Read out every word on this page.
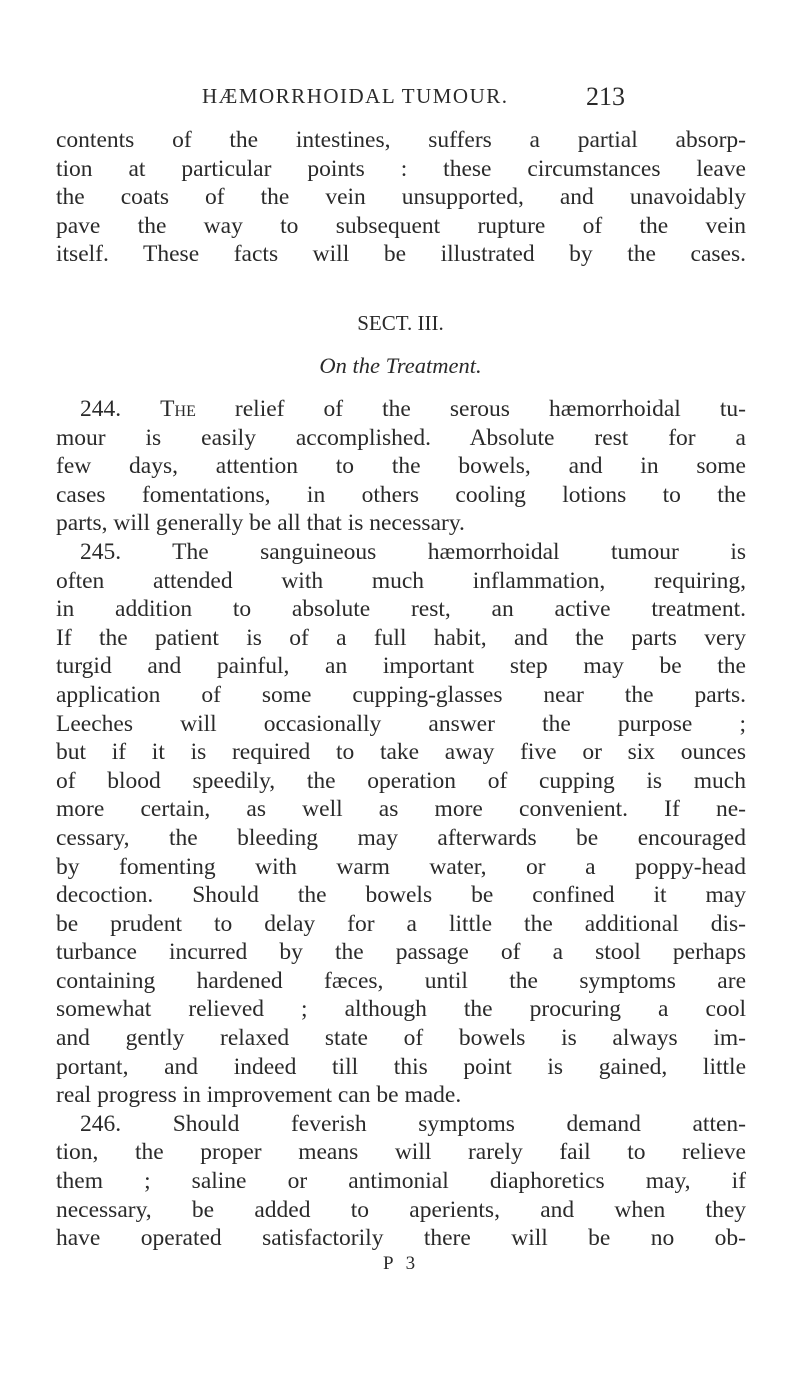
HÆMORRHOIDAL TUMOUR.	213
contents of the intestines, suffers a partial absorp-
tion at particular points : these circumstances leave
the coats of the vein unsupported, and unavoidably
pave the way to subsequent rupture of the vein
itself. These facts will be illustrated by the cases.
SECT. III.
On the Treatment.
244. The relief of the serous hæmorrhoidal tu-
mour is easily accomplished. Absolute rest for a
few days, attention to the bowels, and in some
cases fomentations, in others cooling lotions to the
parts, will generally be all that is necessary.
245. The sanguineous hæmorrhoidal tumour is
often attended with much inflammation, requiring,
in addition to absolute rest, an active treatment.
If the patient is of a full habit, and the parts very
turgid and painful, an important step may be the
application of some cupping-glasses near the parts.
Leeches will occasionally answer the purpose ;
but if it is required to take away five or six ounces
of blood speedily, the operation of cupping is much
more certain, as well as more convenient. If ne-
cessary, the bleeding may afterwards be encouraged
by fomenting with warm water, or a poppy-head
decoction. Should the bowels be confined it may
be prudent to delay for a little the additional dis-
turbance incurred by the passage of a stool perhaps
containing hardened fæces, until the symptoms are
somewhat relieved ; although the procuring a cool
and gently relaxed state of bowels is always im-
portant, and indeed till this point is gained, little
real progress in improvement can be made.
246. Should feverish symptoms demand atten-
tion, the proper means will rarely fail to relieve
them ; saline or antimonial diaphoretics may, if
necessary, be added to aperients, and when they
have operated satisfactorily there will be no ob-
P 3
